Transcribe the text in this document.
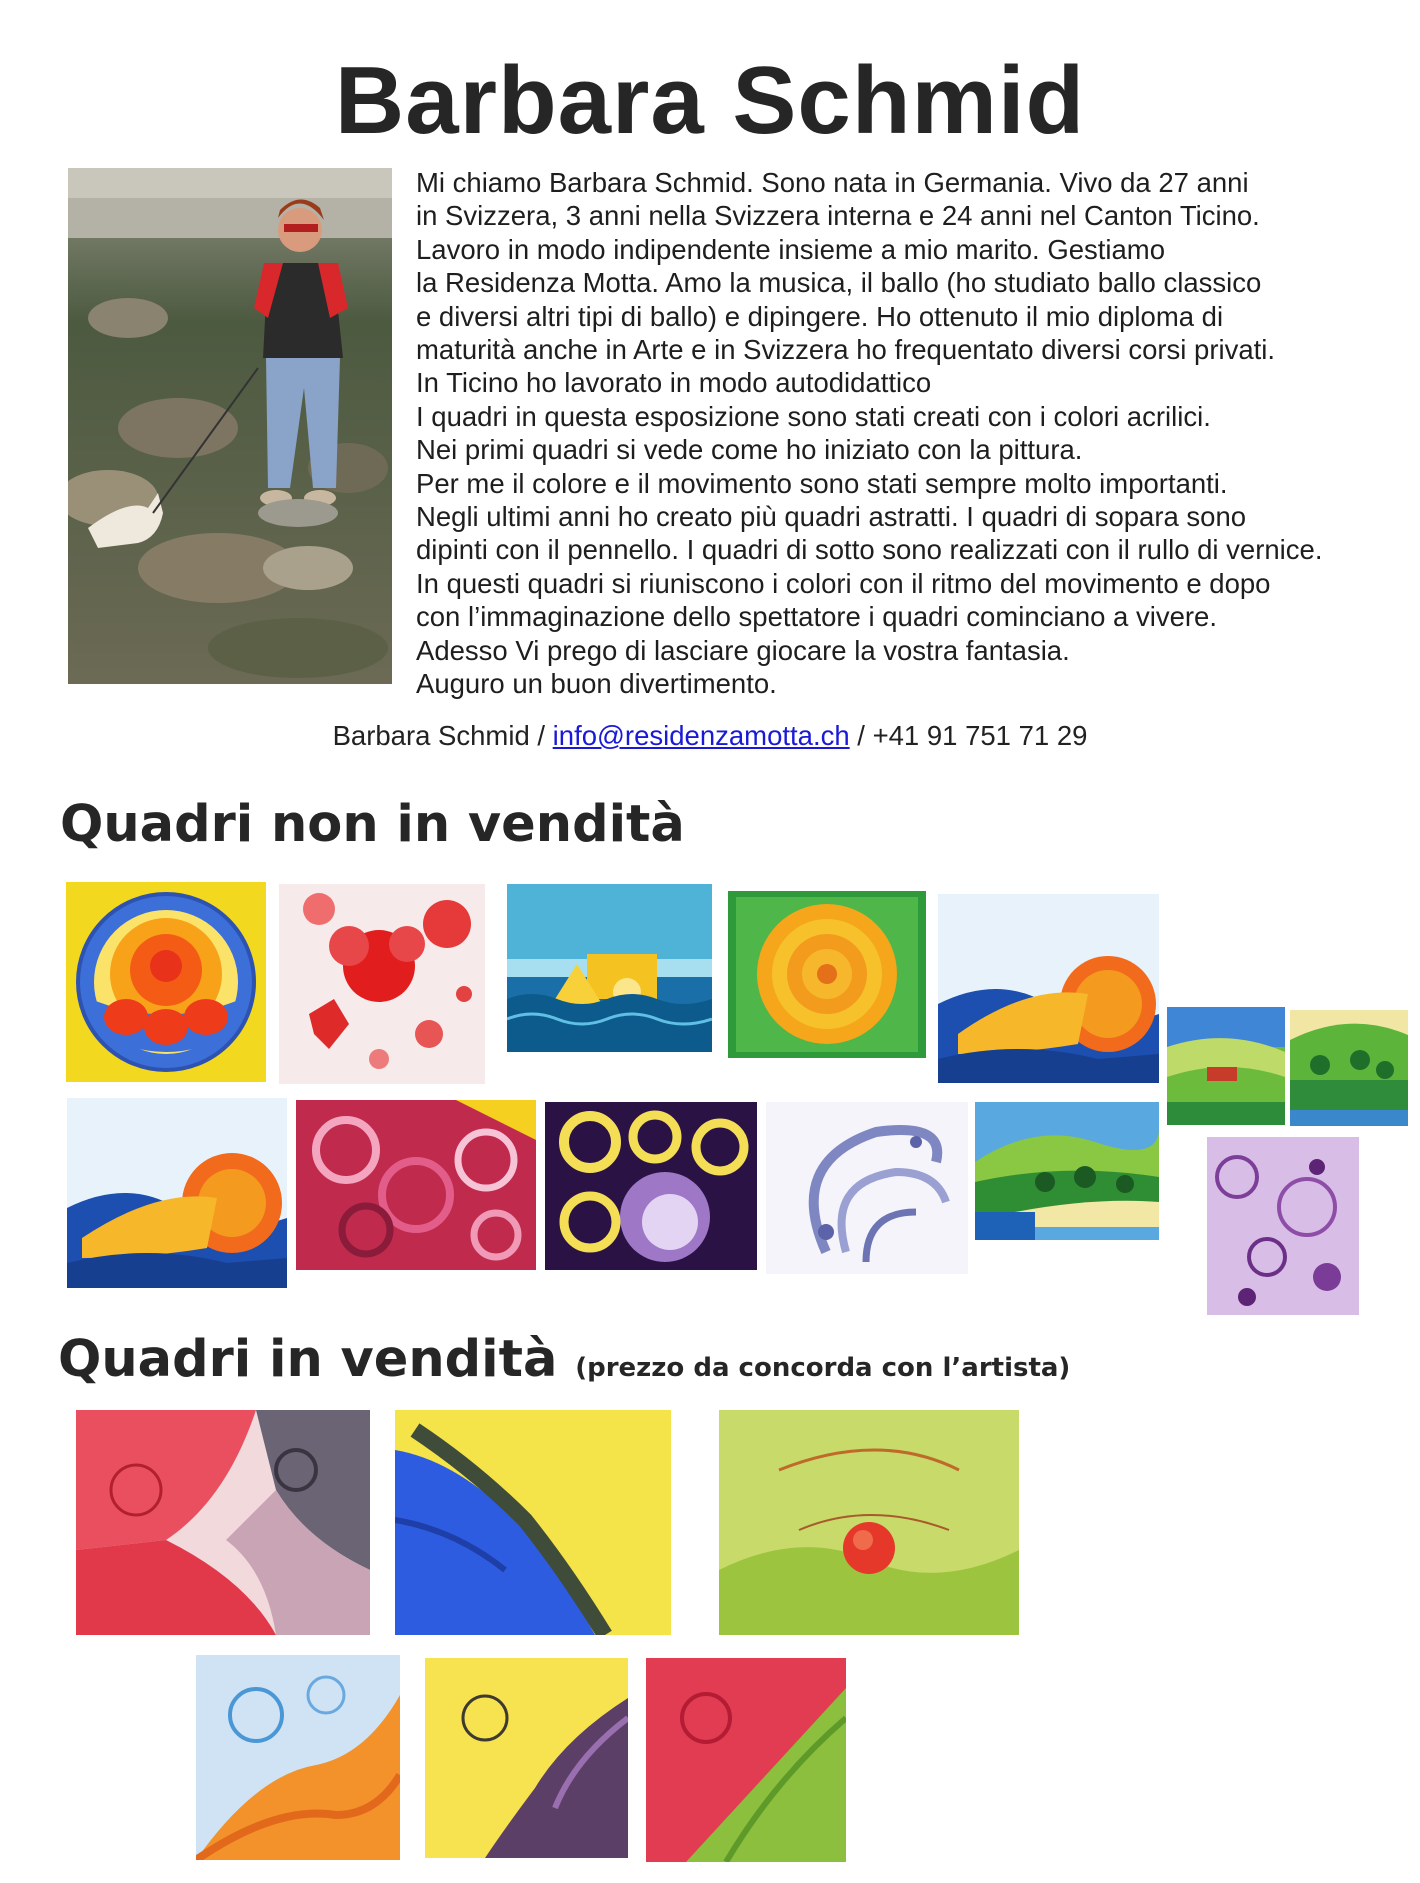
Barbara Schmid
Mi chiamo Barbara Schmid. Sono nata in Germania. Vivo da 27 anni
in Svizzera, 3 anni nella Svizzera interna e 24 anni nel Canton Ticino.
Lavoro in modo indipendente insieme a mio marito. Gestiamo
la Residenza Motta. Amo la musica, il ballo (ho studiato ballo classico
e diversi altri tipi di ballo) e dipingere. Ho ottenuto il mio diploma di
maturità anche in Arte e in Svizzera ho frequentato diversi corsi privati.
In Ticino ho lavorato in modo autodidattico
I quadri in questa esposizione sono stati creati con i colori acrilici.
Nei primi quadri si vede come ho iniziato con la pittura.
Per me il colore e il movimento sono stati sempre molto importanti.
Negli ultimi anni ho creato più quadri astratti. I quadri di sopara sono
dipinti con il pennello. I quadri di sotto sono realizzati con il rullo di vernice.
In questi quadri si riuniscono i colori con il ritmo del movimento e dopo
con l’immaginazione dello spettatore i quadri cominciano a vivere.
Adesso Vi prego di lasciare giocare la vostra fantasia.
Auguro un buon divertimento.
Barbara Schmid / info@residenzamotta.ch / +41 91 751 71 29
Quadri non in vendità
Quadri in vendità (prezzo da concorda con l’artista)
